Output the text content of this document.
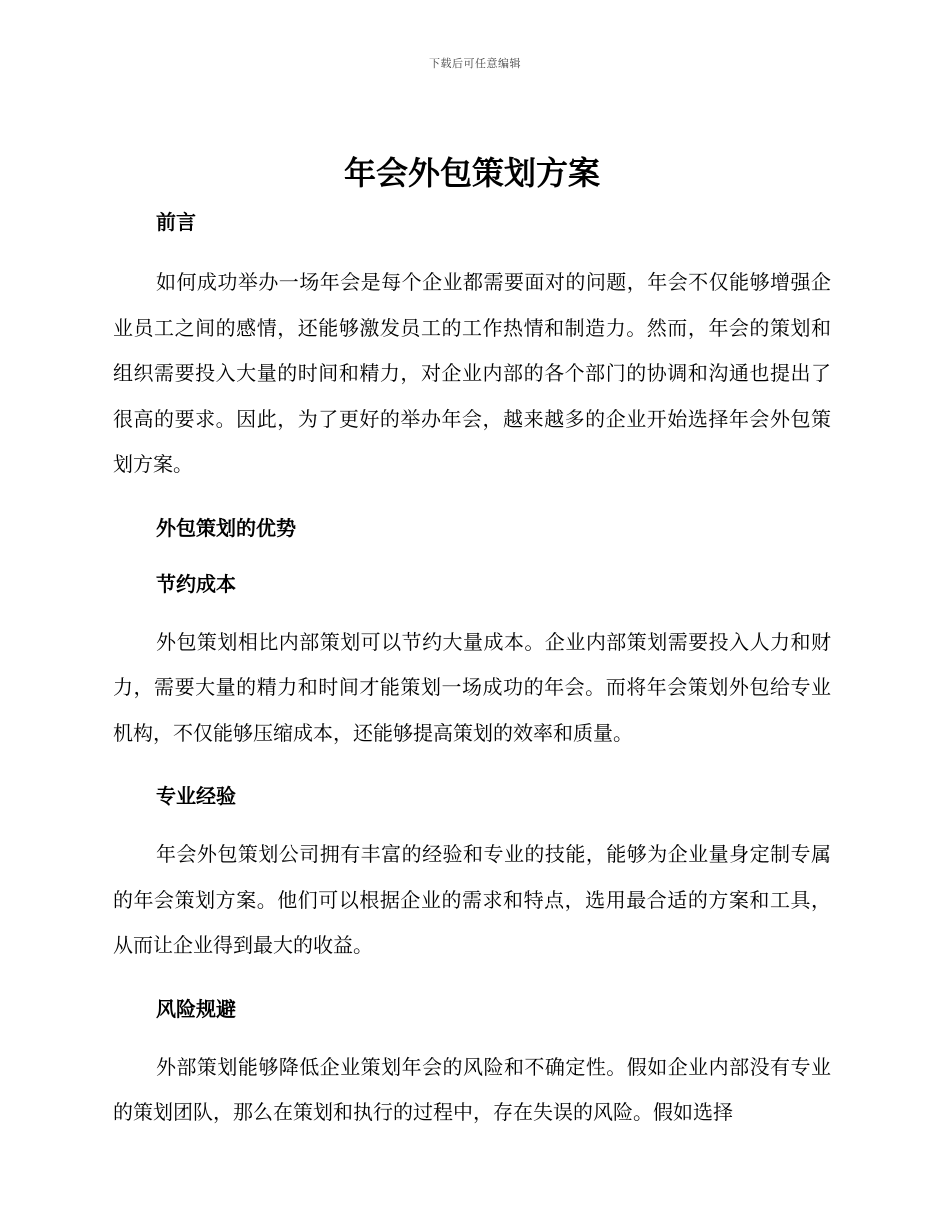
下载后可任意编辑
年会外包策划方案
前言

如何成功举办一场年会是每个企业都需要面对的问题，年会不仅能够增强企业员工之间的感情，还能够激发员工的工作热情和制造力。然而，年会的策划和组织需要投入大量的时间和精力，对企业内部的各个部门的协调和沟通也提出了很高的要求。因此，为了更好的举办年会，越来越多的企业开始选择年会外包策划方案。

外包策划的优势
节约成本

外包策划相比内部策划可以节约大量成本。企业内部策划需要投入人力和财力，需要大量的精力和时间才能策划一场成功的年会。而将年会策划外包给专业机构，不仅能够压缩成本，还能够提高策划的效率和质量。

专业经验

年会外包策划公司拥有丰富的经验和专业的技能，能够为企业量身定制专属的年会策划方案。他们可以根据企业的需求和特点，选用最合适的方案和工具，从而让企业得到最大的收益。

风险规避

外部策划能够降低企业策划年会的风险和不确定性。假如企业内部没有专业的策划团队，那么在策划和执行的过程中，存在失误的风险。假如选择
